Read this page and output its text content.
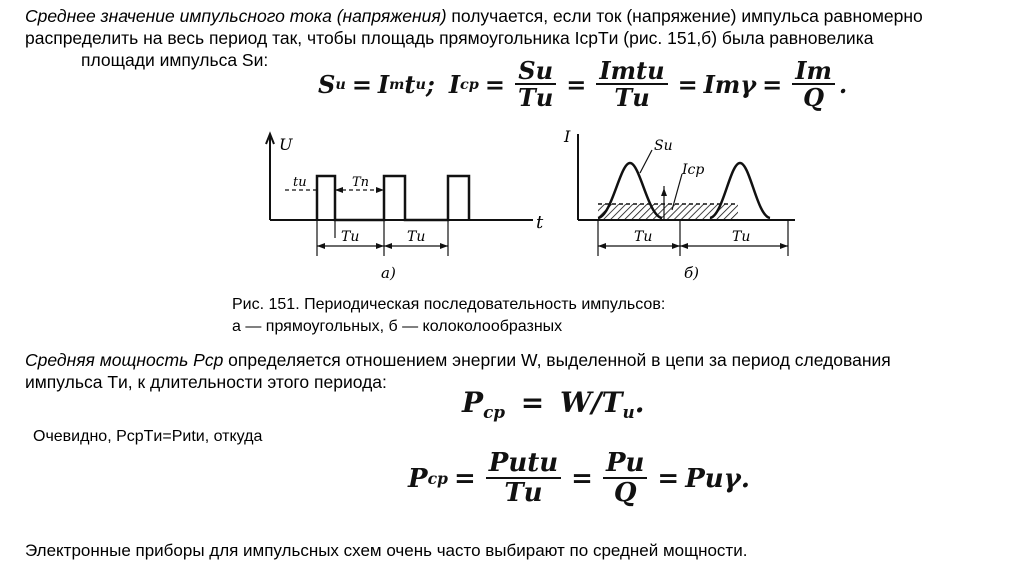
Среднее значение импульсного тока (напряжения) получается, если ток (напряжение) импульса равномерно
распределить на весь период так, чтобы площадь прямоугольника IcpTи (рис. 151,б) была равновелика
площади импульса Sи:
S и = I m t и ; I ср = $\frac{Sи}{Tи} = \frac{\text{Imtи}}{Tи} = Im\gamma = \frac{Im}{Q}$ .
U
t
tи	Tп
Tи	Tи
а)
I	Sи
Icp
Tи	Tи
б)
Рис. 151. Периодическая последовательность импульсов:
а — прямоугольных, б — колоколообразных
Средняя мощность Рср определяется отношением энергии W, выделенной в цепи за период следования
импульса Tи, к длительности этого периода:
$P_{ср} = W/T_и$.
Очевидно, PcpTи=Pиtи, откуда
P ср = $\frac{\text{Pиtи}}{Tи} = \frac{Pи}{Q} = Pи\gamma$ .
Электронные приборы для импульсных схем очень часто выбирают по средней мощности.
